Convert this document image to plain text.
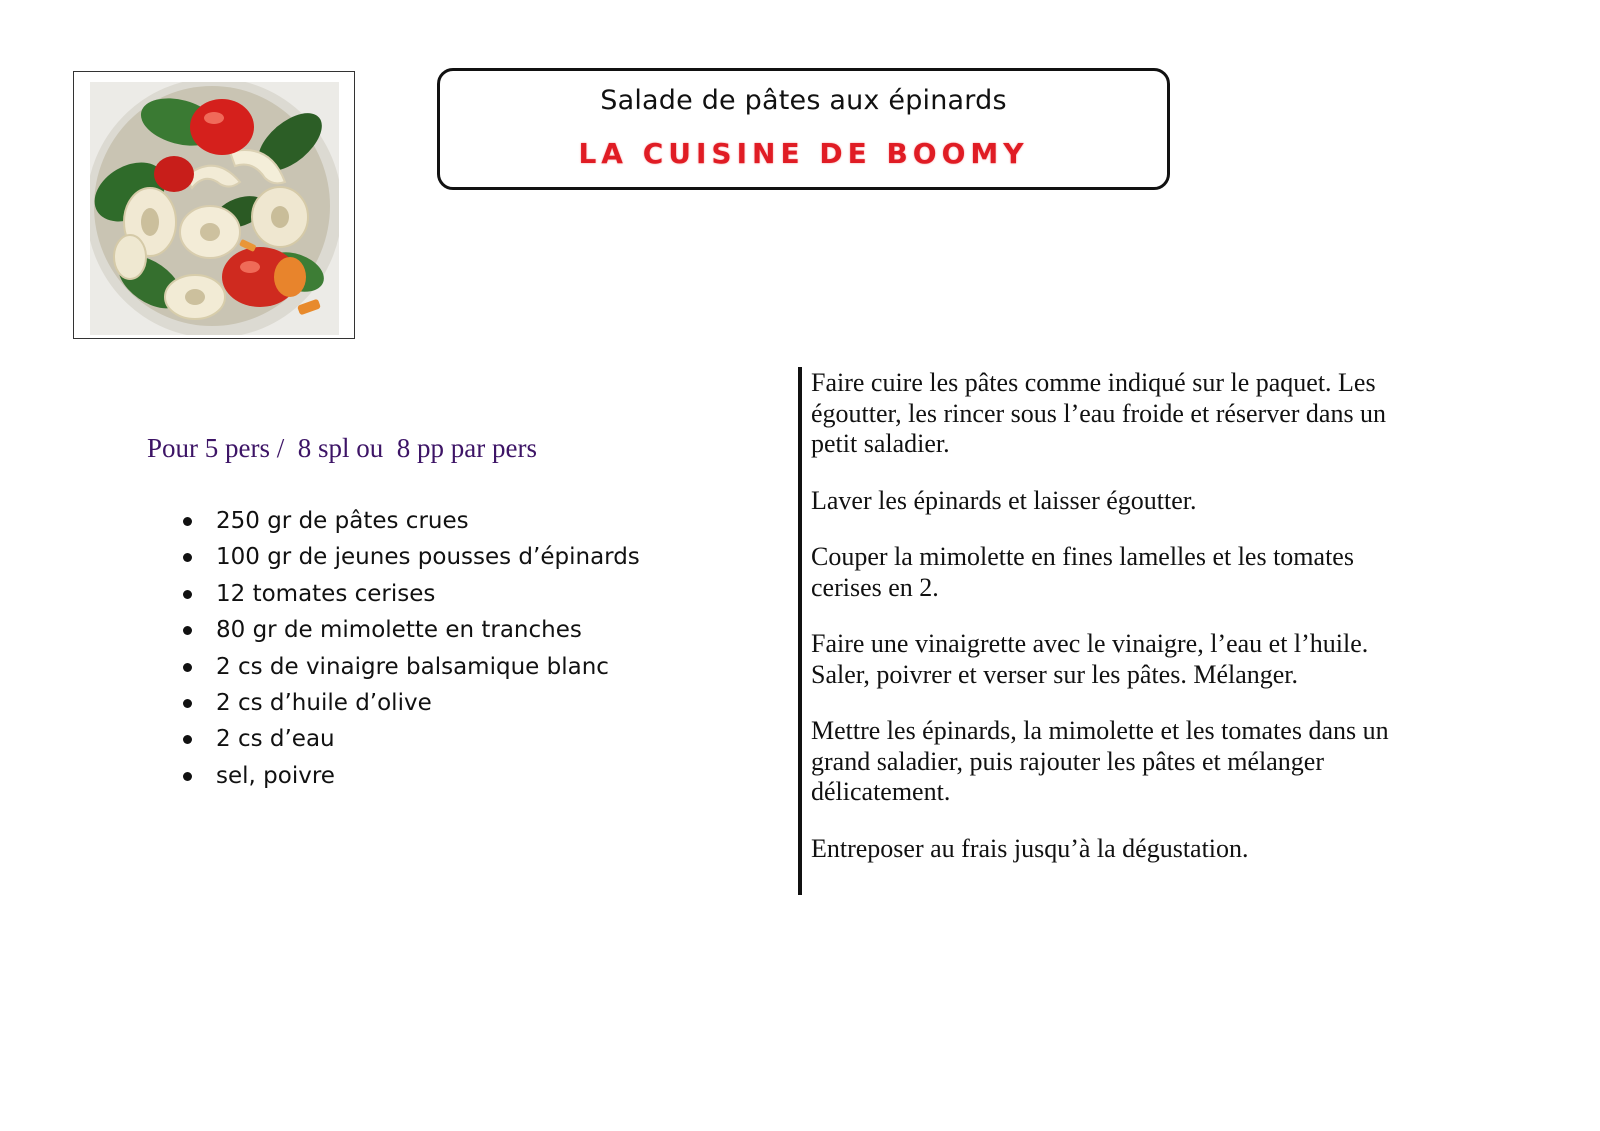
Salade de pâtes aux épinards
LA CUISINE DE BOOMY
Pour 5 pers /  8 spl ou  8 pp par pers
250 gr de pâtes crues
100 gr de jeunes pousses d’épinards
12 tomates cerises
80 gr de mimolette en tranches
2 cs de vinaigre balsamique blanc
2 cs d’huile d’olive
2 cs d’eau
sel, poivre

Faire cuire les pâtes comme indiqué sur le paquet. Les égoutter, les rincer sous l’eau froide et réserver dans un petit saladier.

Laver les épinards et laisser égoutter.

Couper la mimolette en fines lamelles et les tomates cerises en 2.

Faire une vinaigrette avec le vinaigre, l’eau et l’huile. Saler, poivrer et verser sur les pâtes. Mélanger.

Mettre les épinards, la mimolette et les tomates dans un grand saladier, puis rajouter les pâtes et mélanger délicatement.

Entreposer au frais jusqu’à la dégustation.
